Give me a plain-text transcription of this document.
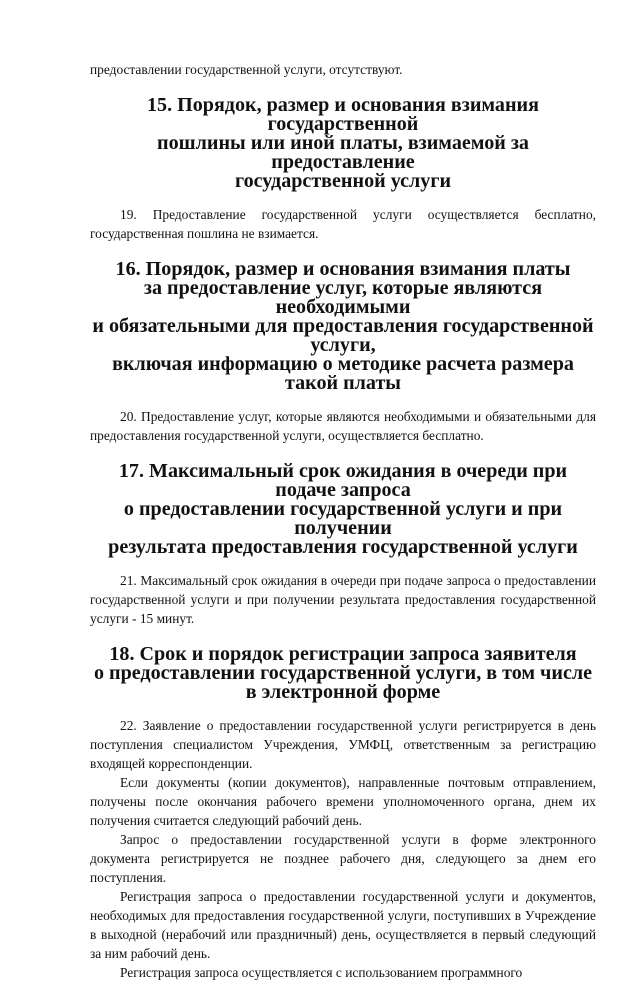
предоставлении государственной услуги, отсутствуют.

15. Порядок, размер и основания взимания государственной
пошлины или иной платы, взимаемой за предоставление
государственной услуги

19. Предоставление государственной услуги осуществляется бесплатно, государственная пошлина не взимается.

16. Порядок, размер и основания взимания платы
за предоставление услуг, которые являются необходимыми
и обязательными для предоставления государственной услуги,
включая информацию о методике расчета размера такой платы

20. Предоставление услуг, которые являются необходимыми и обязательными для предоставления государственной услуги, осуществляется бесплатно.

17. Максимальный срок ожидания в очереди при подаче запроса
о предоставлении государственной услуги и при получении
результата предоставления государственной услуги

21. Максимальный срок ожидания в очереди при подаче запроса о предоставлении государственной услуги и при получении результата предоставления государственной услуги - 15 минут.

18. Срок и порядок регистрации запроса заявителя
о предоставлении государственной услуги, в том числе
в электронной форме

22. Заявление о предоставлении государственной услуги регистрируется в день поступления специалистом Учреждения, УМФЦ, ответственным за регистрацию входящей корреспонденции.

Если документы (копии документов), направленные почтовым отправлением, получены после окончания рабочего времени уполномоченного органа, днем их получения считается следующий рабочий день.

Запрос о предоставлении государственной услуги в форме электронного документа регистрируется не позднее рабочего дня, следующего за днем его поступления.

Регистрация запроса о предоставлении государственной услуги и документов, необходимых для предоставления государственной услуги, поступивших в Учреждение в выходной (нерабочий или праздничный) день, осуществляется в первый следующий за ним рабочий день.

Регистрация запроса осуществляется с использованием программного
